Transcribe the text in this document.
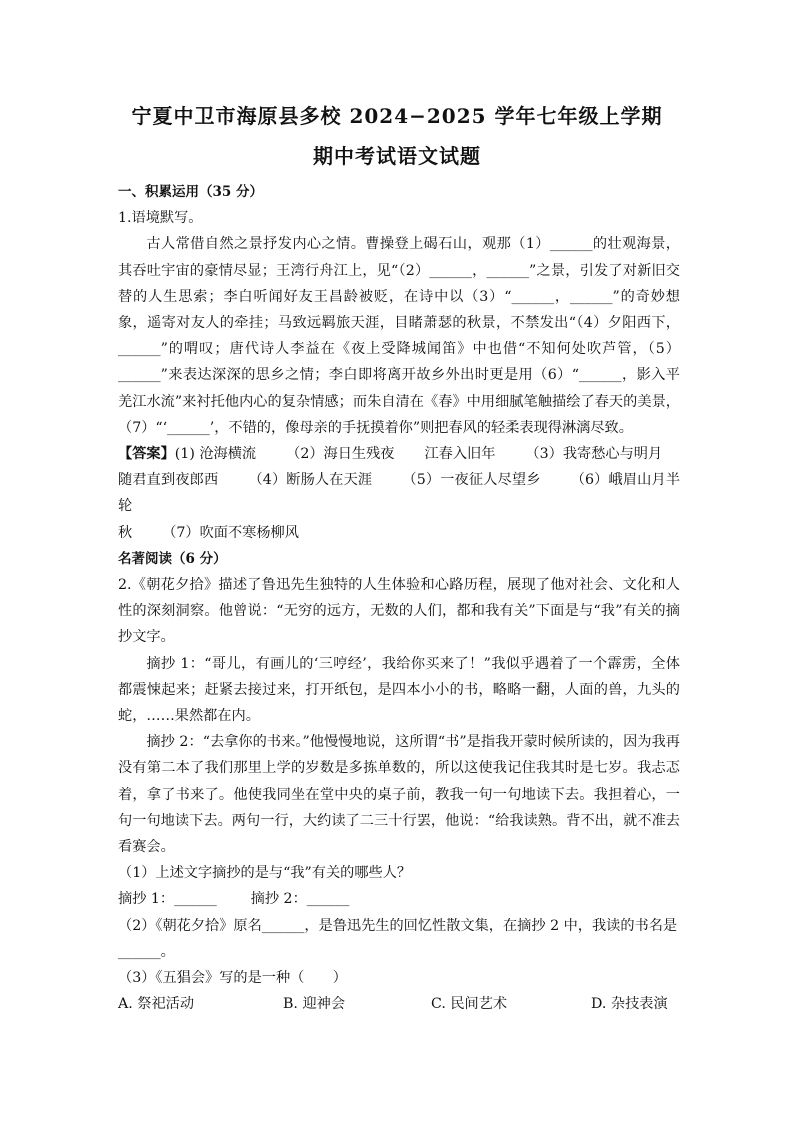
宁夏中卫市海原县多校 2024−2025 学年七年级上学期
期中考试语文试题

一、积累运用（35 分）

1.语境默写。

古人常借自然之景抒发内心之情。曹操登上碣石山，观那（1）______的壮观海景，其吞吐宇宙的豪情尽显；王湾行舟江上，见“（2）______，______”之景，引发了对新旧交替的人生思索；李白听闻好友王昌龄被贬，在诗中以（3）“______，______”的奇妙想象，遥寄对友人的牵挂；马致远羁旅天涯，目睹萧瑟的秋景，不禁发出“（4）夕阳西下，______”的喟叹；唐代诗人李益在《夜上受降城闻笛》中也借“不知何处吹芦管，（5）______”来表达深深的思乡之情；李白即将离开故乡外出时更是用（6）“______，影入平羌江水流”来衬托他内心的复杂情感；而朱自清在《春》中用细腻笔触描绘了春天的美景，（7）“‘______’，不错的，像母亲的手抚摸着你”则把春风的轻柔表现得淋漓尽致。

【答案】(1) 沧海横流 （2）海日生残夜 江春入旧年 （3）我寄愁心与明月
随君直到夜郎西 （4）断肠人在天涯 （5）一夜征人尽望乡 （6）峨眉山月半轮
秋 （7）吹面不寒杨柳风

名著阅读（6 分）

2.《朝花夕拾》描述了鲁迅先生独特的人生体验和心路历程，展现了他对社会、文化和人性的深刻洞察。他曾说：“无穷的远方，无数的人们，都和我有关”下面是与“我”有关的摘抄文字。

摘抄 1：“哥儿，有画儿的‘三哼经’，我给你买来了！”我似乎遇着了一个霹雳，全体都震悚起来；赶紧去接过来，打开纸包，是四本小小的书，略略一翻，人面的兽，九头的蛇，……果然都在内。

摘抄 2：“去拿你的书来。”他慢慢地说，这所谓“书”是指我开蒙时候所读的，因为我再没有第二本了我们那里上学的岁数是多拣单数的，所以这使我记住我其时是七岁。我忐忑着，拿了书来了。他使我同坐在堂中央的桌子前，教我一句一句地读下去。我担着心，一句一句地读下去。两句一行，大约读了二三十行罢，他说：“给我读熟。背不出，就不准去看赛会。

（1）上述文字摘抄的是与“我”有关的哪些人？

摘抄 1：______ 摘抄 2：______

（2）《朝花夕拾》原名______，是鲁迅先生的回忆性散文集，在摘抄 2 中，我读的书名是

______。

（3）《五猖会》写的是一种（　　）

A. 祭祀活动	B. 迎神会	C. 民间艺术	D. 杂技表演
